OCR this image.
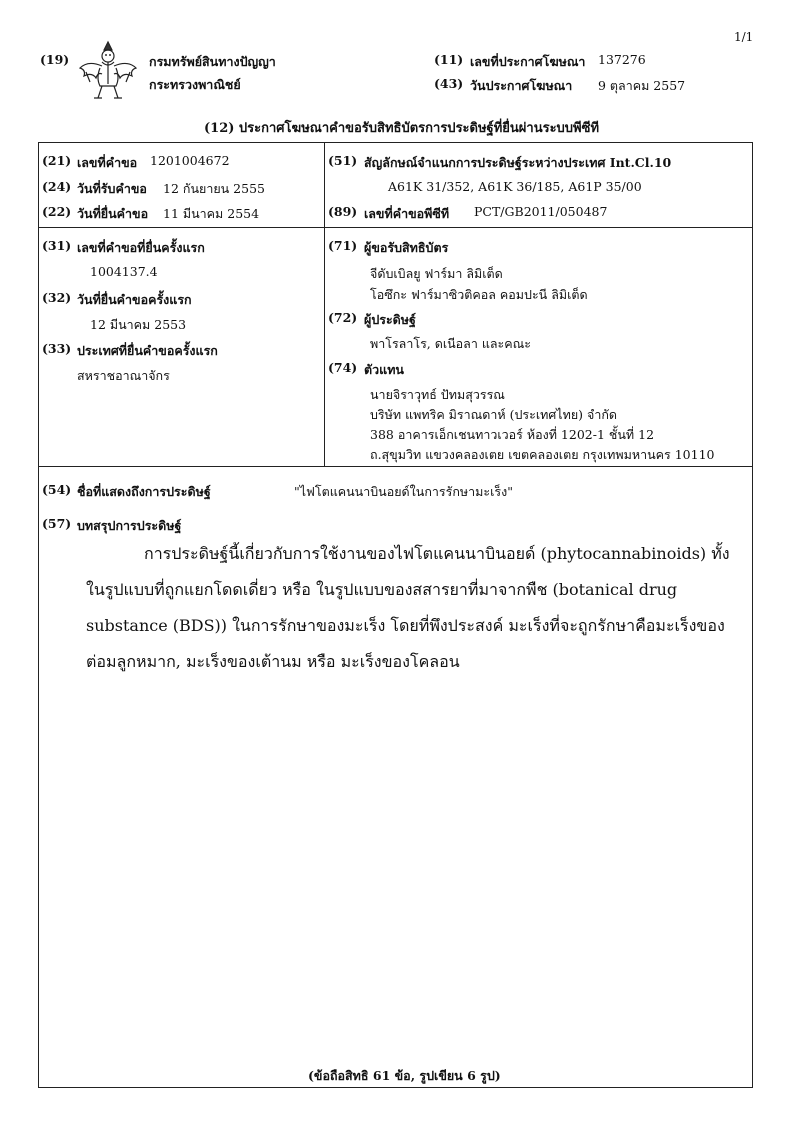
1/1
(19)	กรมทรัพย์สินทางปัญญา
กระทรวงพาณิชย์
(11) เลขที่ประกาศโฆษณา 137276
(43) วันประกาศโฆษณา 9 ตุลาคม 2557
(12) ประกาศโฆษณาคำขอรับสิทธิบัตรการประดิษฐ์ที่ยื่นผ่านระบบพีซีที
(21) เลขที่คำขอ 1201004672
(24) วันที่รับคำขอ 12 กันยายน 2555
(22) วันที่ยื่นคำขอ 11 มีนาคม 2554
(51) สัญลักษณ์จำแนกการประดิษฐ์ระหว่างประเทศ Int.Cl.10
A61K 31/352, A61K 36/185, A61P 35/00
(89) เลขที่คำขอพีซีที PCT/GB2011/050487
(31) เลขที่คำขอที่ยื่นครั้งแรก
1004137.4
(32) วันที่ยื่นคำขอครั้งแรก
12 มีนาคม 2553
(33) ประเทศที่ยื่นคำขอครั้งแรก
สหราชอาณาจักร
(71) ผู้ขอรับสิทธิบัตร
จีดับเบิลยู ฟาร์มา ลิมิเต็ด
โอซึกะ ฟาร์มาซิวติคอล คอมปะนี ลิมิเต็ด
(72) ผู้ประดิษฐ์
พาโรลาโร, ดเนีอลา และคณะ
(74) ตัวแทน
นายจิราวุทธ์ ปัทมสุวรรณ
บริษัท แพทริค มิราณดาห์ (ประเทศไทย) จำกัด
388 อาคารเอ็กเชนทาวเวอร์ ห้องที่ 1202-1 ชั้นที่ 12
ถ.สุขุมวิท แขวงคลองเตย เขตคลองเตย กรุงเทพมหานคร 10110
(54) ชื่อที่แสดงถึงการประดิษฐ์	"ไฟโตแคนนาบินอยด์ในการรักษามะเร็ง"
(57) บทสรุปการประดิษฐ์
การประดิษฐ์นี้เกี่ยวกับการใช้งานของไฟโตแคนนาบินอยด์ (phytocannabinoids) ทั้งในรูปแบบที่ถูกแยกโดดเดี่ยว หรือ ในรูปแบบของสสารยาที่มาจากพืช (botanical drug substance (BDS)) ในการรักษาของมะเร็ง โดยที่พึงประสงค์ มะเร็งที่จะถูกรักษาคือมะเร็งของต่อมลูกหมาก, มะเร็งของเต้านม หรือ มะเร็งของโคลอน
(ข้อถือสิทธิ 61 ข้อ, รูปเขียน 6 รูป)
